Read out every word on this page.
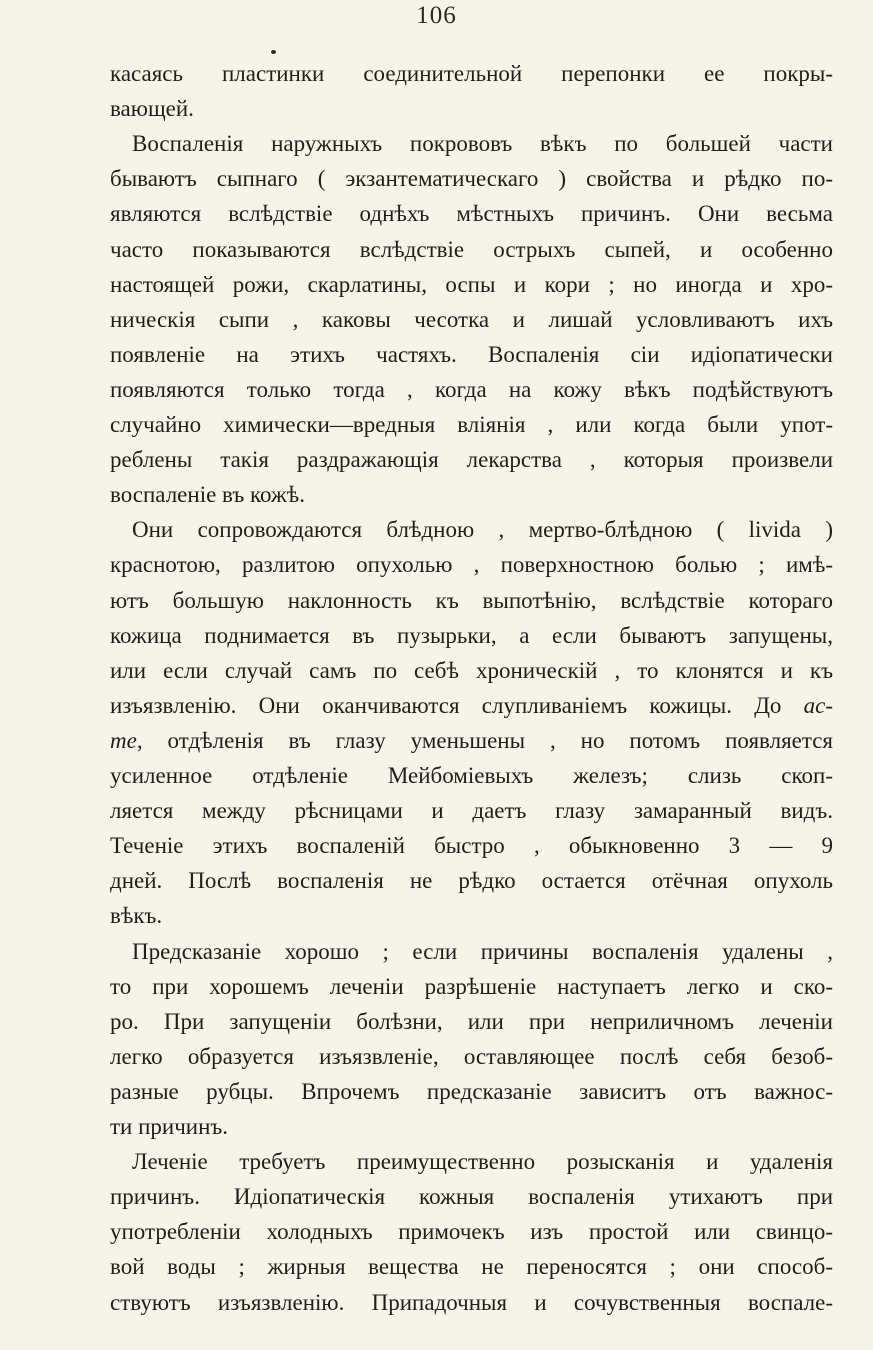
106
касаясь пластинки соединительной перепонки ее покры-
вающей.
Воспаленія наружныхъ покрововъ вѣкъ по большей части
бываютъ сыпнаго ( экзантематическаго ) свойства и рѣдко по-
являются вслѣдствіе однѣхъ мѣстныхъ причинъ. Они весьма
часто показываются вслѣдствіе острыхъ сыпей, и особенно
настоящей рожи, скарлатины, оспы и кори ; но иногда и хро-
ническія сыпи , каковы чесотка и лишай условливаютъ ихъ
появленіе на этихъ частяхъ. Воспаленія сіи идіопатически
появляются только тогда , когда на кожу вѣкъ подѣйствуютъ
случайно химически—вредныя вліянія , или когда были упот-
реблены такія раздражающія лекарства , которыя произвели
воспаленіе въ кожѣ.
Они сопровождаются блѣдною , мертво-блѣдною ( livida )
краснотою, разлитою опухолью , поверхностною болью ; имѣ-
ютъ большую наклонность къ выпотѣнію, вслѣдствіе котораго
кожица поднимается въ пузырьки, а если бываютъ запущены,
или если случай самъ по себѣ хроническій , то клонятся и къ
изъязвленію. Они оканчиваются слупливаніемъ кожицы. До ac-
me, отдѣленія въ глазу уменьшены , но потомъ появляется
усиленное отдѣленіе Мейбоміевыхъ железъ; слизь скоп-
ляется между рѣсницами и даетъ глазу замаранный видъ.
Теченіе этихъ воспаленій быстро , обыкновенно 3 — 9
дней. Послѣ воспаленія не рѣдко остается отёчная опухоль
вѣкъ.
Предсказаніе хорошо ; если причины воспаленія удалены ,
то при хорошемъ леченіи разрѣшеніе наступаетъ легко и ско-
ро. При запущеніи болѣзни, или при неприличномъ леченіи
легко образуется изъязвленіе, оставляющее послѣ себя безоб-
разные рубцы. Впрочемъ предсказаніе зависитъ отъ важнос-
ти причинъ.
Леченіе требуетъ преимущественно розысканія и удаленія
причинъ. Идіопатическія кожныя воспаленія утихаютъ при
употребленіи холодныхъ примочекъ изъ простой или свинцо-
вой воды ; жирныя вещества не переносятся ; они способ-
ствуютъ изъязвленію. Припадочныя и сочувственныя воспале-
